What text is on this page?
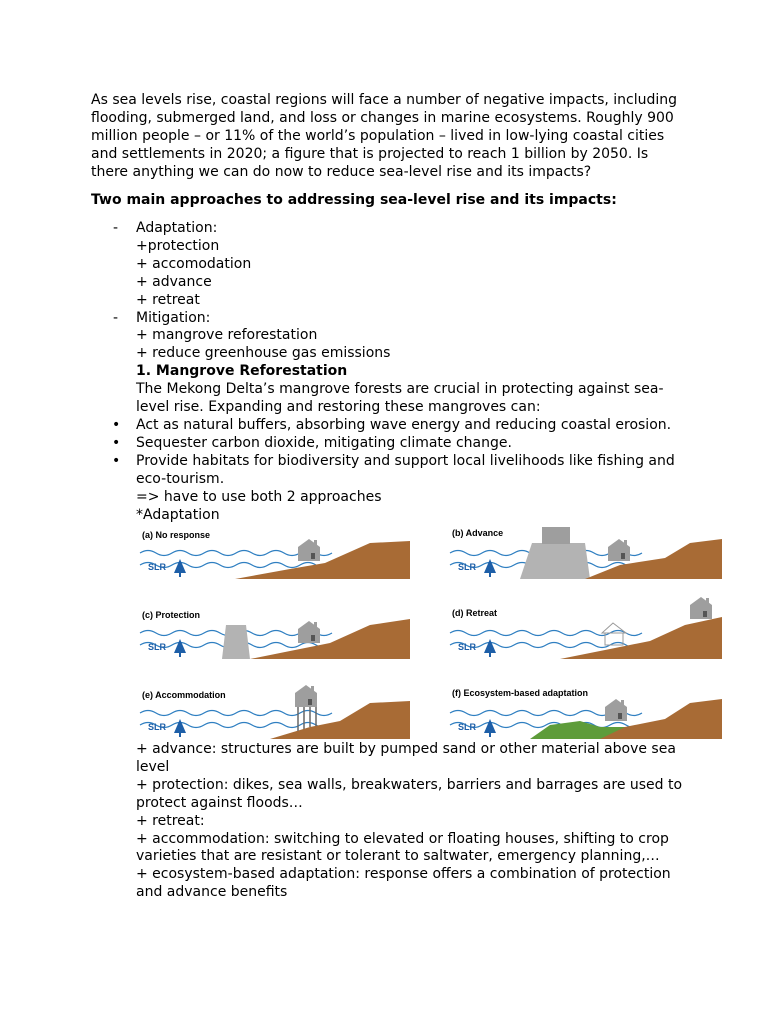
As sea levels rise, coastal regions will face a number of negative impacts, including flooding, submerged land, and loss or changes in marine ecosystems. Roughly 900 million people – or 11% of the world’s population – lived in low-lying coastal cities and settlements in 2020; a figure that is projected to reach 1 billion by 2050. Is there anything we can do now to reduce sea-level rise and its impacts?

Two main approaches to addressing sea-level rise and its impacts:

- Adaptation:
+protection
+ accomodation
+ advance
+ retreat
- Mitigation:
+ mangrove reforestation
+ reduce greenhouse gas emissions
1. Mangrove Reforestation
The Mekong Delta’s mangrove forests are crucial in protecting against sea-level rise. Expanding and restoring these mangroves can:
• Act as natural buffers, absorbing wave energy and reducing coastal erosion.
• Sequester carbon dioxide, mitigating climate change.
• Provide habitats for biodiversity and support local livelihoods like fishing and eco-tourism.
=> have to use both 2 approaches
*Adaptation
(a) No response
SLR
(b) Advance
SLR
(c) Protection
SLR
(d) Retreat
SLR
(e) Accommodation
SLR
(f) Ecosystem-based adaptation
SLR
+ advance: structures are built by pumped sand or other material above sea level
+ protection: dikes, sea walls, breakwaters, barriers and barrages are used to protect against floods…
+ retreat:
+ accommodation: switching to elevated or floating houses, shifting to crop varieties that are resistant or tolerant to saltwater, emergency planning,…
+ ecosystem-based adaptation: response offers a combination of protection and advance benefits
